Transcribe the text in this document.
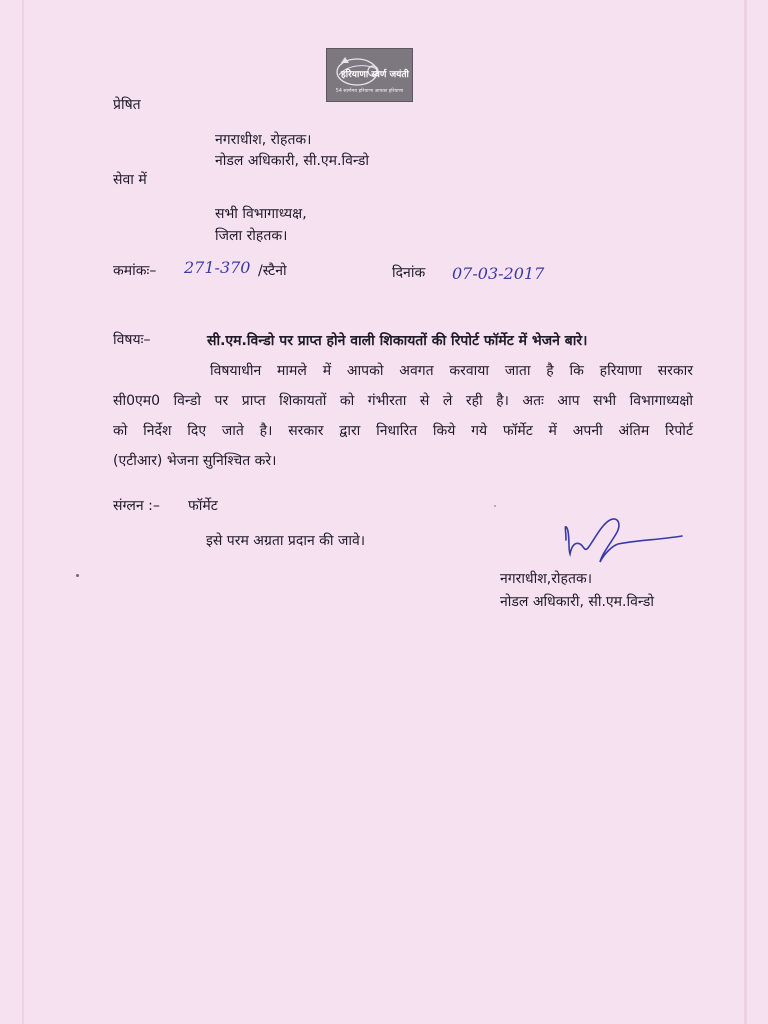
हरियाणा स्वर्ण जयंती
54 स्वर्णमय हरियाणा आपका हरियाणा
प्रेषित
नगराधीश, रोहतक।
नोडल अधिकारी, सी.एम.विन्डो
सेवा में
सभी विभागाध्यक्ष,
जिला रोहतक।
कमांकः– 271-370 /स्टैनो	दिनांक 07-03-2017
विषयः–	सी.एम.विन्डो पर प्राप्त होने वाली शिकायतों की रिपोर्ट फॉर्मेट में भेजने बारे।
विषयाधीन मामले में आपको अवगत करवाया जाता है कि हरियाणा सरकार
सी0एम0 विन्डो पर प्राप्त शिकायतों को गंभीरता से ले रही है। अतः आप सभी विभागाध्यक्षो
को निर्देश दिए जाते है। सरकार द्वारा निधारित किये गये फॉर्मेट में अपनी अंतिम रिपोर्ट
(एटीआर) भेजना सुनिश्चित करे।
संग्लन :– फॉर्मेट
इसे परम अग्रता प्रदान की जावे।
नगराधीश,रोहतक।
नोडल अधिकारी, सी.एम.विन्डो
